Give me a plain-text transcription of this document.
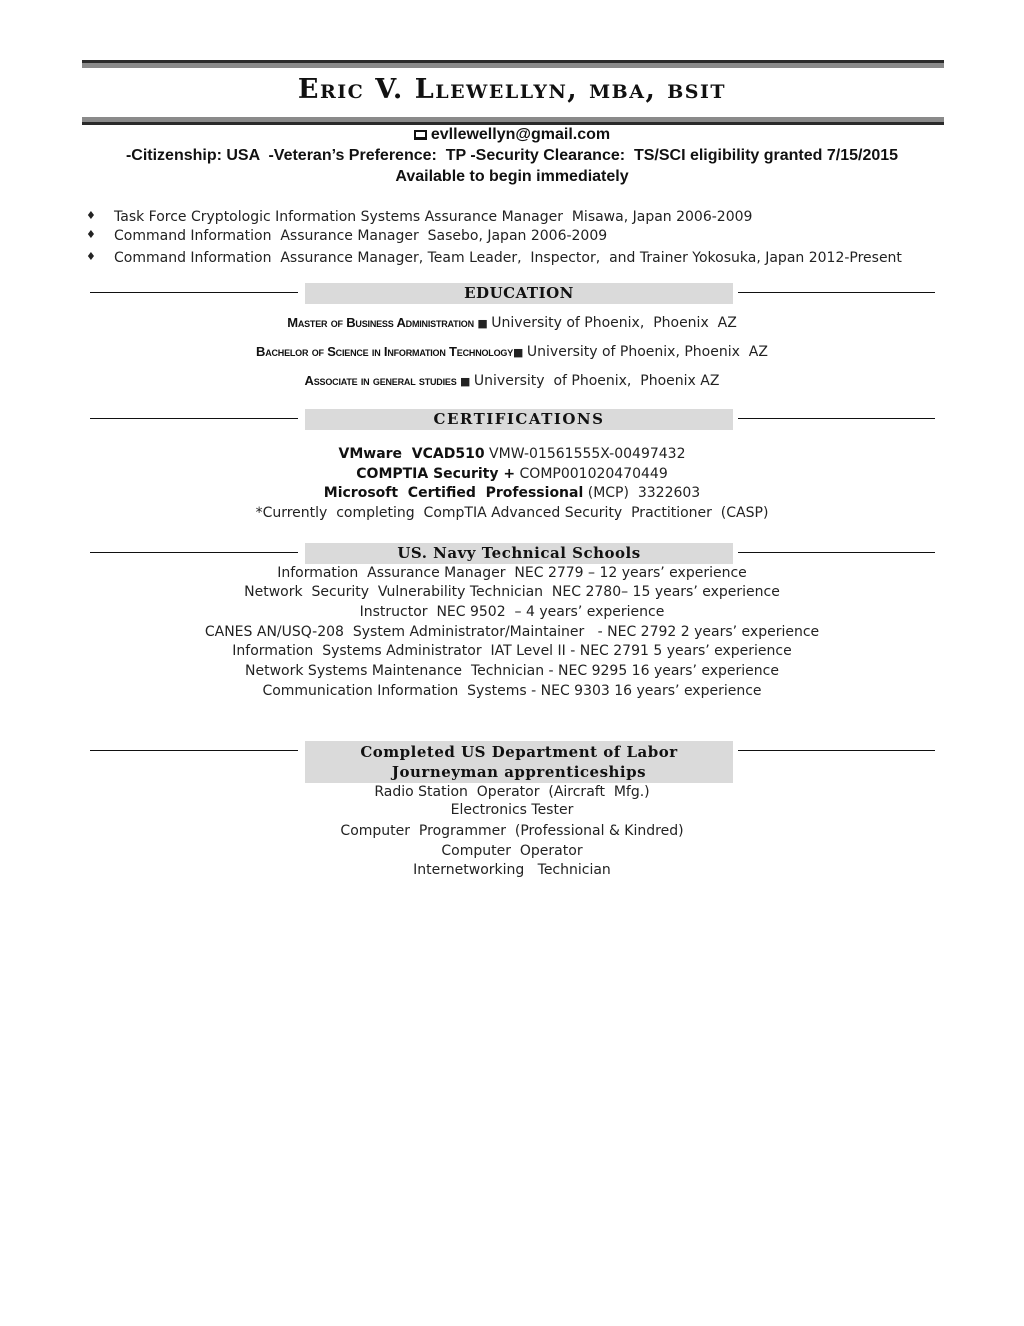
Eric V. Llewellyn, mba, bsit
evllewellyn@gmail.com
-Citizenship: USA  -Veteran’s Preference:  TP -Security Clearance:  TS/SCI eligibility granted 7/15/2015
Available to begin immediately
♦ Task Force Cryptologic Information Systems Assurance Manager  Misawa, Japan 2006-2009
♦ Command Information  Assurance Manager  Sasebo, Japan 2006-2009
♦ Command Information  Assurance Manager, Team Leader,  Inspector,  and Trainer Yokosuka, Japan 2012-Present
EDUCATION
Master of Business Administration ■ University of Phoenix,  Phoenix  AZ
Bachelor of Science in Information Technology■ University of Phoenix, Phoenix  AZ
Associate in general studies ■ University  of Phoenix,  Phoenix AZ
CERTIFICATIONS
VMware  VCAD510 VMW-01561555X-00497432
COMPTIA Security + COMP001020470449
Microsoft  Certified  Professional (MCP)  3322603
*Currently  completing  CompTIA Advanced Security  Practitioner  (CASP)
US. Navy Technical Schools
Information  Assurance Manager  NEC 2779 – 12 years’ experience
Network  Security  Vulnerability Technician  NEC 2780– 15 years’ experience
Instructor  NEC 9502  – 4 years’ experience
CANES AN/USQ-208  System Administrator/Maintainer   - NEC 2792 2 years’ experience
Information  Systems Administrator  IAT Level II - NEC 2791 5 years’ experience
Network Systems Maintenance  Technician - NEC 9295 16 years’ experience
Communication Information  Systems - NEC 9303 16 years’ experience
Completed US Department of Labor
Journeyman apprenticeships
Radio Station  Operator  (Aircraft  Mfg.)
Electronics Tester
Computer  Programmer  (Professional & Kindred)
Computer  Operator
Internetworking   Technician
